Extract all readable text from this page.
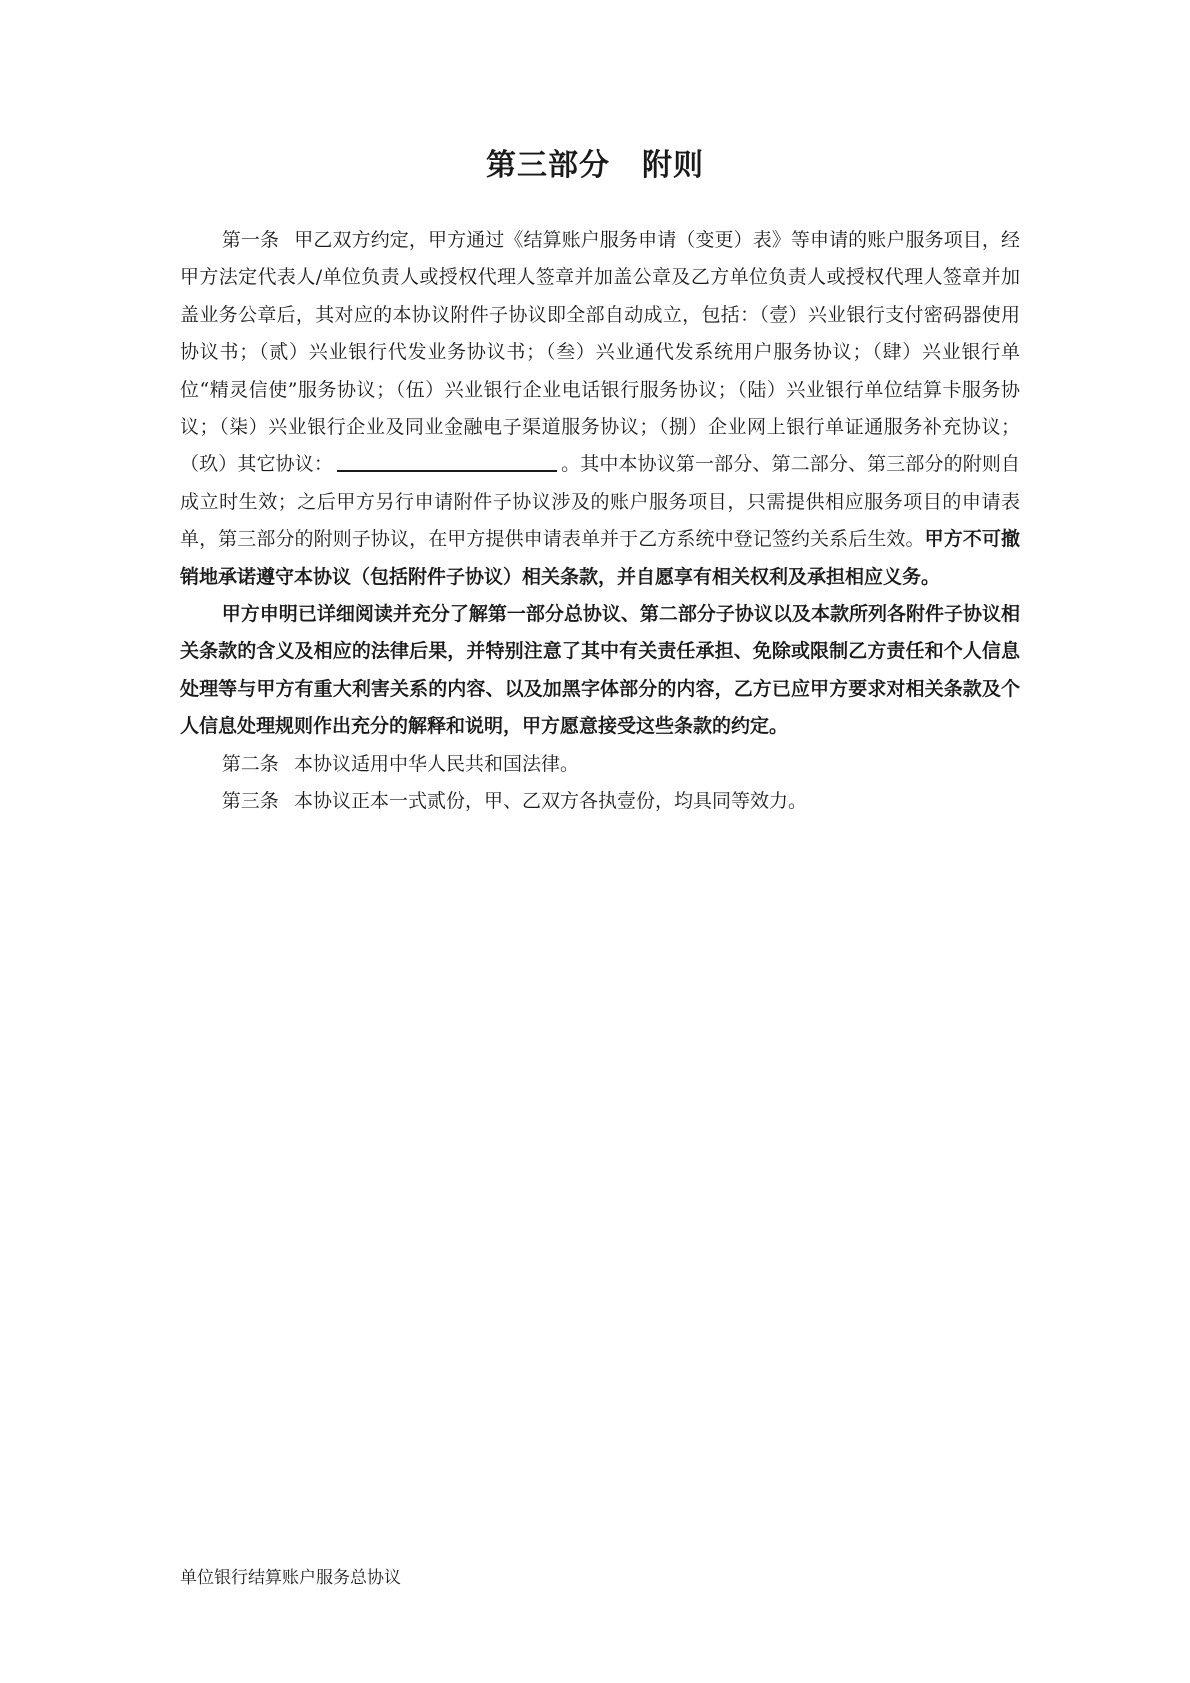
第三部分 附则

第一条 甲乙双方约定，甲方通过《结算账户服务申请（变更）表》等申请的账户服务项目，经甲方法定代表人/单位负责人或授权代理人签章并加盖公章及乙方单位负责人或授权代理人签章并加盖业务公章后，其对应的本协议附件子协议即全部自动成立，包括：（壹）兴业银行支付密码器使用协议书；（贰）兴业银行代发业务协议书；（叁）兴业通代发系统用户服务协议；（肆）兴业银行单位“精灵信使”服务协议；（伍）兴业银行企业电话银行服务协议；（陆）兴业银行单位结算卡服务协议；（柒）兴业银行企业及同业金融电子渠道服务协议；（捌）企业网上银行单证通服务补充协议；（玖）其它协议：	。其中本协议第一部分、第二部分、第三部分的附则自成立时生效；之后甲方另行申请附件子协议涉及的账户服务项目，只需提供相应服务项目的申请表单，第三部分的附则子协议，在甲方提供申请表单并于乙方系统中登记签约关系后生效。甲方不可撤销地承诺遵守本协议（包括附件子协议）相关条款，并自愿享有相关权利及承担相应义务。

甲方申明已详细阅读并充分了解第一部分总协议、第二部分子协议以及本款所列各附件子协议相关条款的含义及相应的法律后果，并特别注意了其中有关责任承担、免除或限制乙方责任和个人信息处理等与甲方有重大利害关系的内容、以及加黑字体部分的内容，乙方已应甲方要求对相关条款及个人信息处理规则作出充分的解释和说明，甲方愿意接受这些条款的约定。

第二条 本协议适用中华人民共和国法律。

第三条 本协议正本一式贰份，甲、乙双方各执壹份，均具同等效力。

单位银行结算账户服务总协议
